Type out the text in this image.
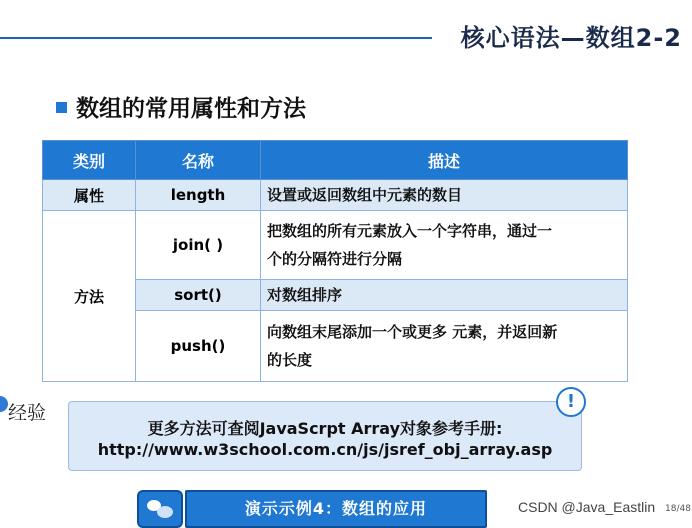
核心语法—数组2-2
数组的常用属性和方法
类别	名称	描述
属性	length	设置或返回数组中元素的数目
方法	join( )	把数组的所有元素放入一个字符串，通过一
个的分隔符进行分隔
	sort()	对数组排序
	push()	向数组末尾添加一个或更多 元素，并返回新
的长度
经验
更多方法可查阅JavaScrpt Array对象参考手册:
http://www.w3school.com.cn/js/jsref_obj_array.asp
!
演示示例4：数组的应用	CSDN @Java_Eastlin 18/48
